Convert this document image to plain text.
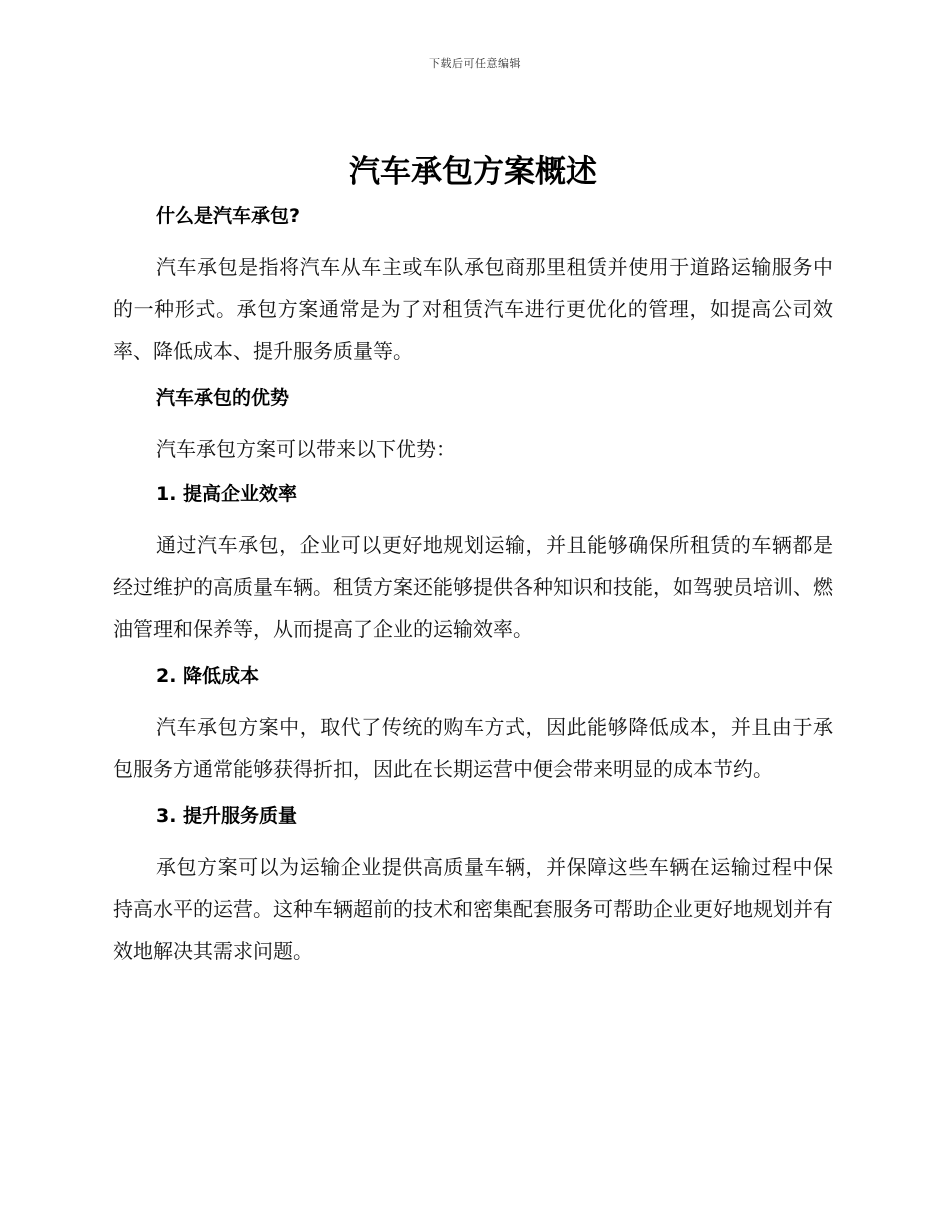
下载后可任意编辑
汽车承包方案概述
什么是汽车承包?

汽车承包是指将汽车从车主或车队承包商那里租赁并使用于道路运输服务中的一种形式。承包方案通常是为了对租赁汽车进行更优化的管理，如提高公司效率、降低成本、提升服务质量等。

汽车承包的优势

汽车承包方案可以带来以下优势：

1. 提高企业效率

通过汽车承包，企业可以更好地规划运输，并且能够确保所租赁的车辆都是经过维护的高质量车辆。租赁方案还能够提供各种知识和技能，如驾驶员培训、燃油管理和保养等，从而提高了企业的运输效率。

2. 降低成本

汽车承包方案中，取代了传统的购车方式，因此能够降低成本，并且由于承包服务方通常能够获得折扣，因此在长期运营中便会带来明显的成本节约。

3. 提升服务质量

承包方案可以为运输企业提供高质量车辆，并保障这些车辆在运输过程中保持高水平的运营。这种车辆超前的技术和密集配套服务可帮助企业更好地规划并有效地解决其需求问题。
